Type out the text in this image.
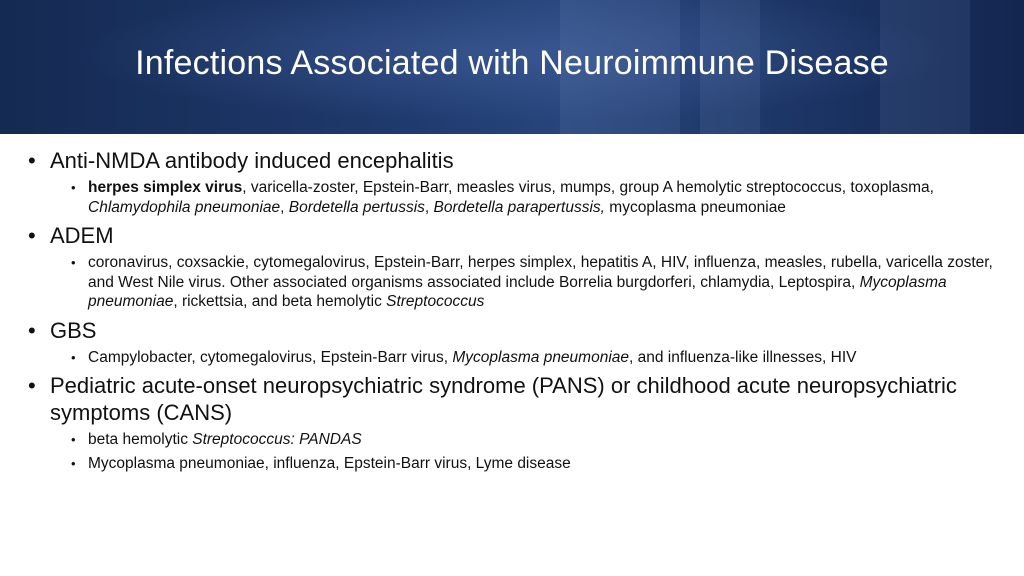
Infections Associated with Neuroimmune Disease
• Anti-NMDA antibody induced encephalitis
• herpes simplex virus, varicella-zoster, Epstein-Barr, measles virus, mumps, group A hemolytic streptococcus, toxoplasma, Chlamydophila pneumoniae, Bordetella pertussis, Bordetella parapertussis, mycoplasma pneumoniae
• ADEM
• coronavirus, coxsackie, cytomegalovirus, Epstein-Barr, herpes simplex, hepatitis A, HIV, influenza, measles, rubella, varicella zoster, and West Nile virus. Other associated organisms associated include Borrelia burgdorferi, chlamydia, Leptospira, Mycoplasma pneumoniae, rickettsia, and beta hemolytic Streptococcus
• GBS
• Campylobacter, cytomegalovirus, Epstein-Barr virus, Mycoplasma pneumoniae, and influenza-like illnesses, HIV
• Pediatric acute-onset neuropsychiatric syndrome (PANS) or childhood acute neuropsychiatric symptoms (CANS)
• beta hemolytic Streptococcus: PANDAS
• Mycoplasma pneumoniae, influenza, Epstein-Barr virus, Lyme disease
